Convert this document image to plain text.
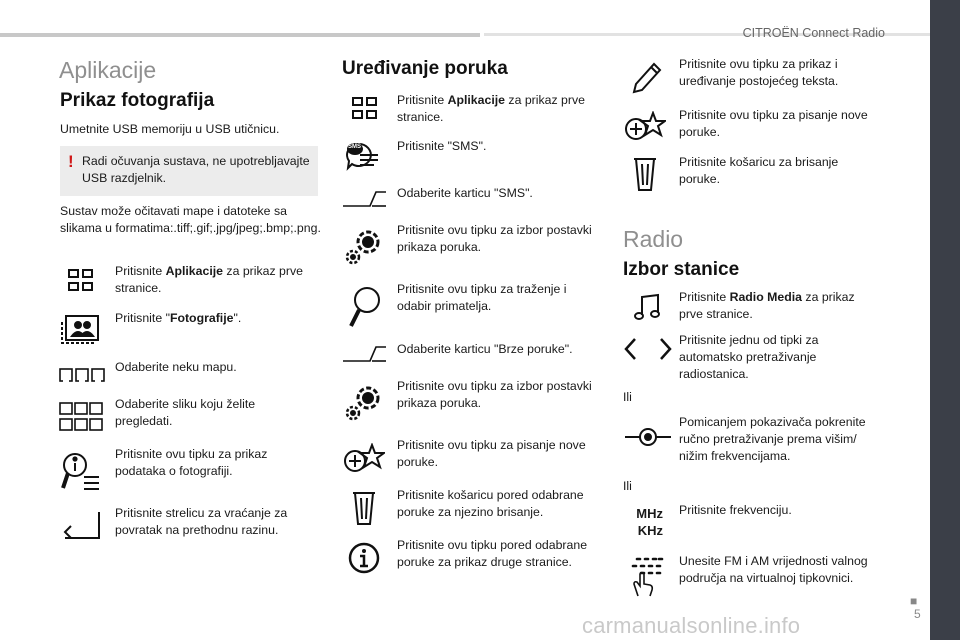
CITROËN Connect Radio
■
5
carmanualsonline.info
Aplikacije
Prikaz fotografija
Umetnite USB memoriju u USB utičnicu.
! Radi očuvanja sustava, ne upotrebljavajte USB razdjelnik.
Sustav može očitavati mape i datoteke sa slikama u formatima:.tiff;.gif;.jpg/jpeg;.bmp;.png.
Pritisnite Aplikacije za prikaz prve stranice.
Pritisnite "Fotografije".
Odaberite neku mapu.
Odaberite sliku koju želite pregledati.
Pritisnite ovu tipku za prikaz podataka o fotografiji.
Pritisnite strelicu za vraćanje za povratak na prethodnu razinu.
Uređivanje poruka
Pritisnite Aplikacije za prikaz prve stranice.
SMS	Pritisnite "SMS".
Odaberite karticu "SMS".
Pritisnite ovu tipku za izbor postavki prikaza poruka.
Pritisnite ovu tipku za traženje i odabir primatelja.
Odaberite karticu "Brze poruke".
Pritisnite ovu tipku za izbor postavki prikaza poruka.
Pritisnite ovu tipku za pisanje nove poruke.
Pritisnite košaricu pored odabrane poruke za njezino brisanje.
Pritisnite ovu tipku pored odabrane poruke za prikaz druge stranice.
Pritisnite ovu tipku za prikaz i uređivanje postojećeg teksta.
Pritisnite ovu tipku za pisanje nove poruke.
Pritisnite košaricu za brisanje poruke.
Radio
Izbor stanice
Pritisnite Radio Media za prikaz prve stranice.
Pritisnite jednu od tipki za automatsko pretraživanje radiostanica.
Ili
Pomicanjem pokazivača pokrenite ručno pretraživanje prema višim/ nižim frekvencijama.
Ili
MHz
KHz
Pritisnite frekvenciju.
Unesite FM i AM vrijednosti valnog područja na virtualnoj tipkovnici.
